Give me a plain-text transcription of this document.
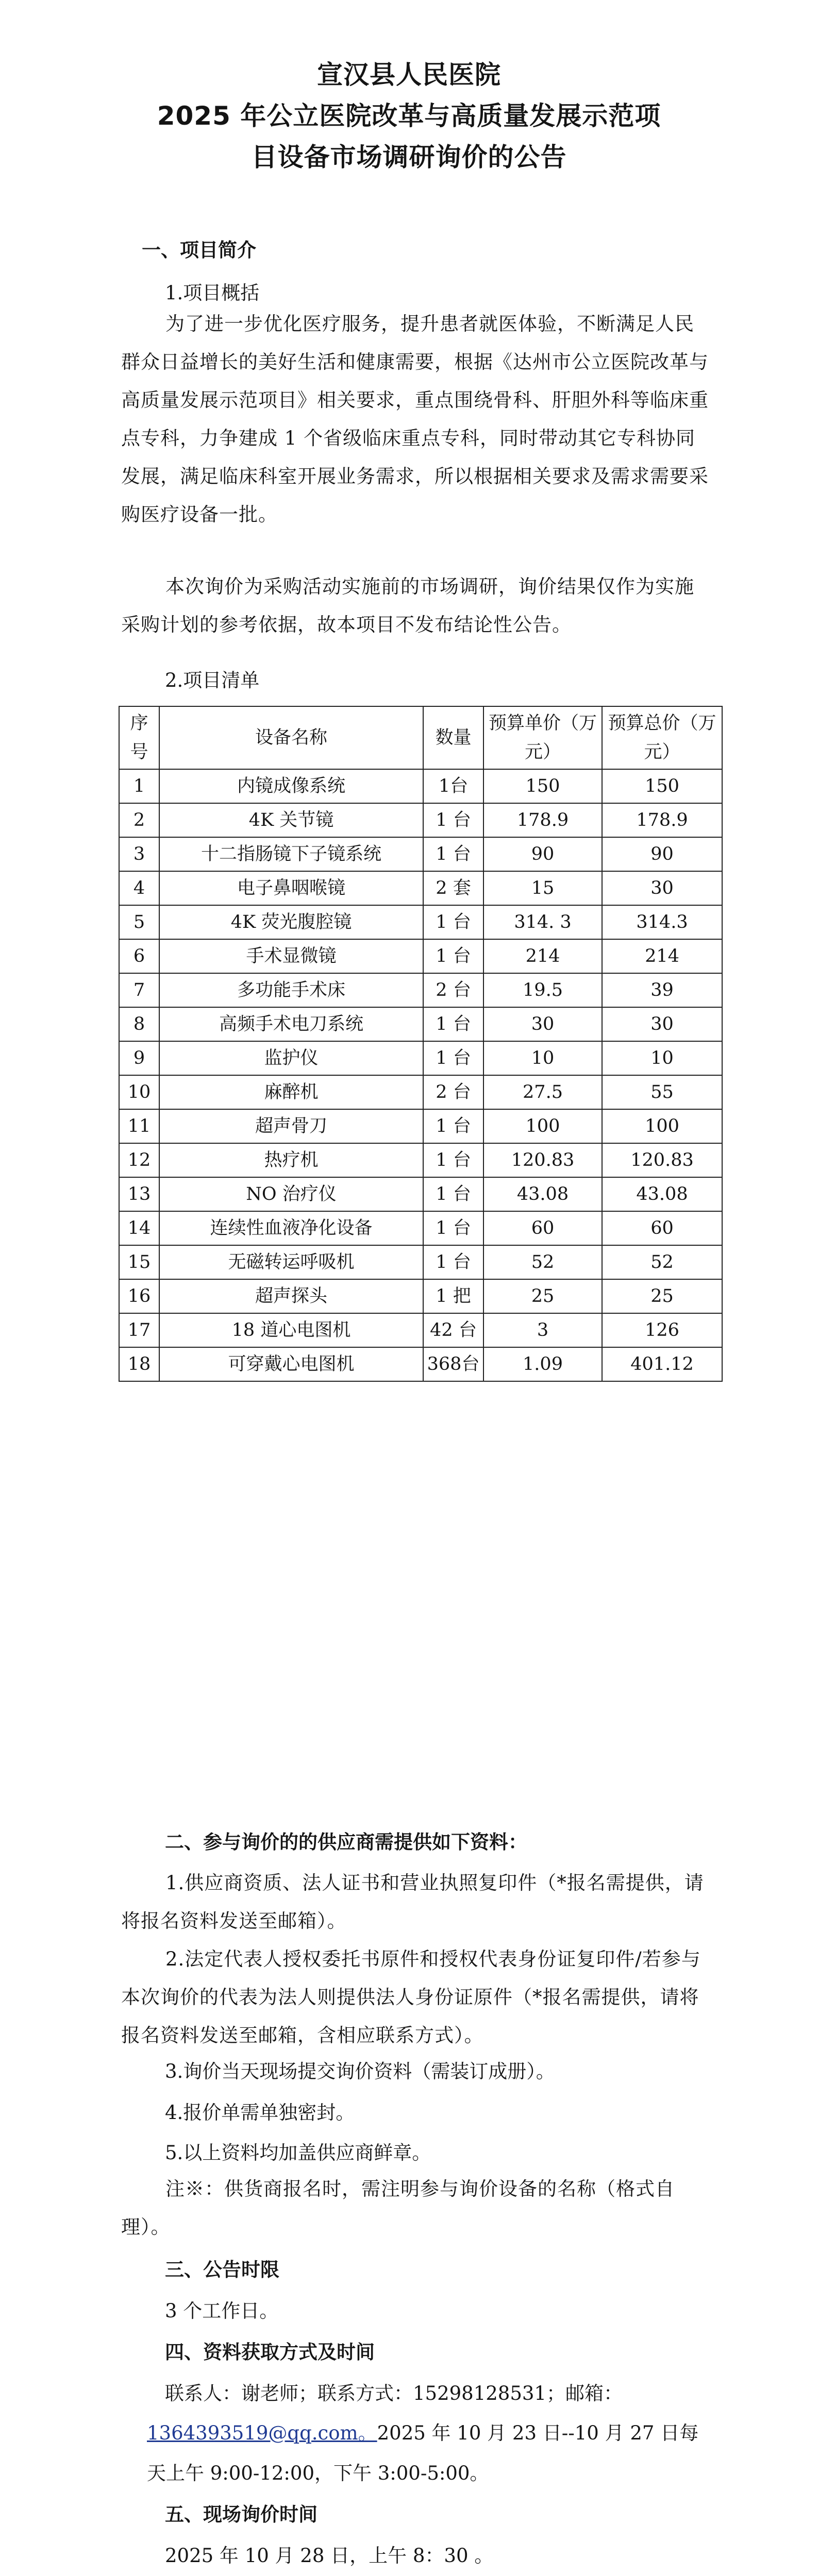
宣汉县人民医院
2025 年公立医院改革与高质量发展示范项
目设备市场调研询价的公告
一、项目简介
1.项目概括
为了进一步优化医疗服务，提升患者就医体验，不断满足人民群众日益增长的美好生活和健康需要，根据《达州市公立医院改革与高质量发展示范项目》相关要求，重点围绕骨科、肝胆外科等临床重点专科，力争建成 1 个省级临床重点专科，同时带动其它专科协同发展，满足临床科室开展业务需求，所以根据相关要求及需求需要采购医疗设备一批。
本次询价为采购活动实施前的市场调研，询价结果仅作为实施采购计划的参考依据，故本项目不发布结论性公告。
2.项目清单
序号	设备名称	数量	预算单价（万元）	预算总价（万元）
1	内镜成像系统	1台	150	150
2	4K 关节镜	1 台	178.9	178.9
3	十二指肠镜下子镜系统	1 台	90	90
4	电子鼻咽喉镜	2 套	15	30
5	4K 荧光腹腔镜	1 台	314. 3	314.3
6	手术显微镜	1 台	214	214
7	多功能手术床	2 台	19.5	39
8	高频手术电刀系统	1 台	30	30
9	监护仪	1 台	10	10
10	麻醉机	2 台	27.5	55
11	超声骨刀	1 台	100	100
12	热疗机	1 台	120.83	120.83
13	NO 治疗仪	1 台	43.08	43.08
14	连续性血液净化设备	1 台	60	60
15	无磁转运呼吸机	1 台	52	52
16	超声探头	1 把	25	25
17	18 道心电图机	42 台	3	126
18	可穿戴心电图机	368台	1.09	401.12
二、参与询价的的供应商需提供如下资料：
1.供应商资质、法人证书和营业执照复印件（*报名需提供，请将报名资料发送至邮箱）。
2.法定代表人授权委托书原件和授权代表身份证复印件/若参与本次询价的代表为法人则提供法人身份证原件（*报名需提供，请将报名资料发送至邮箱，含相应联系方式）。
3.询价当天现场提交询价资料（需装订成册）。
4.报价单需单独密封。
5.以上资料均加盖供应商鲜章。
注※：供货商报名时，需注明参与询价设备的名称（格式自理）。
三、公告时限
3 个工作日。
四、资料获取方式及时间
联系人：谢老师；联系方式：15298128531；邮箱：
1364393519@qq.com。2025 年 10 月 23 日--10 月 27 日每
天上午 9:00-12:00，下午 3:00-5:00。
五、现场询价时间
2025 年 10 月 28 日，上午 8：30 。
